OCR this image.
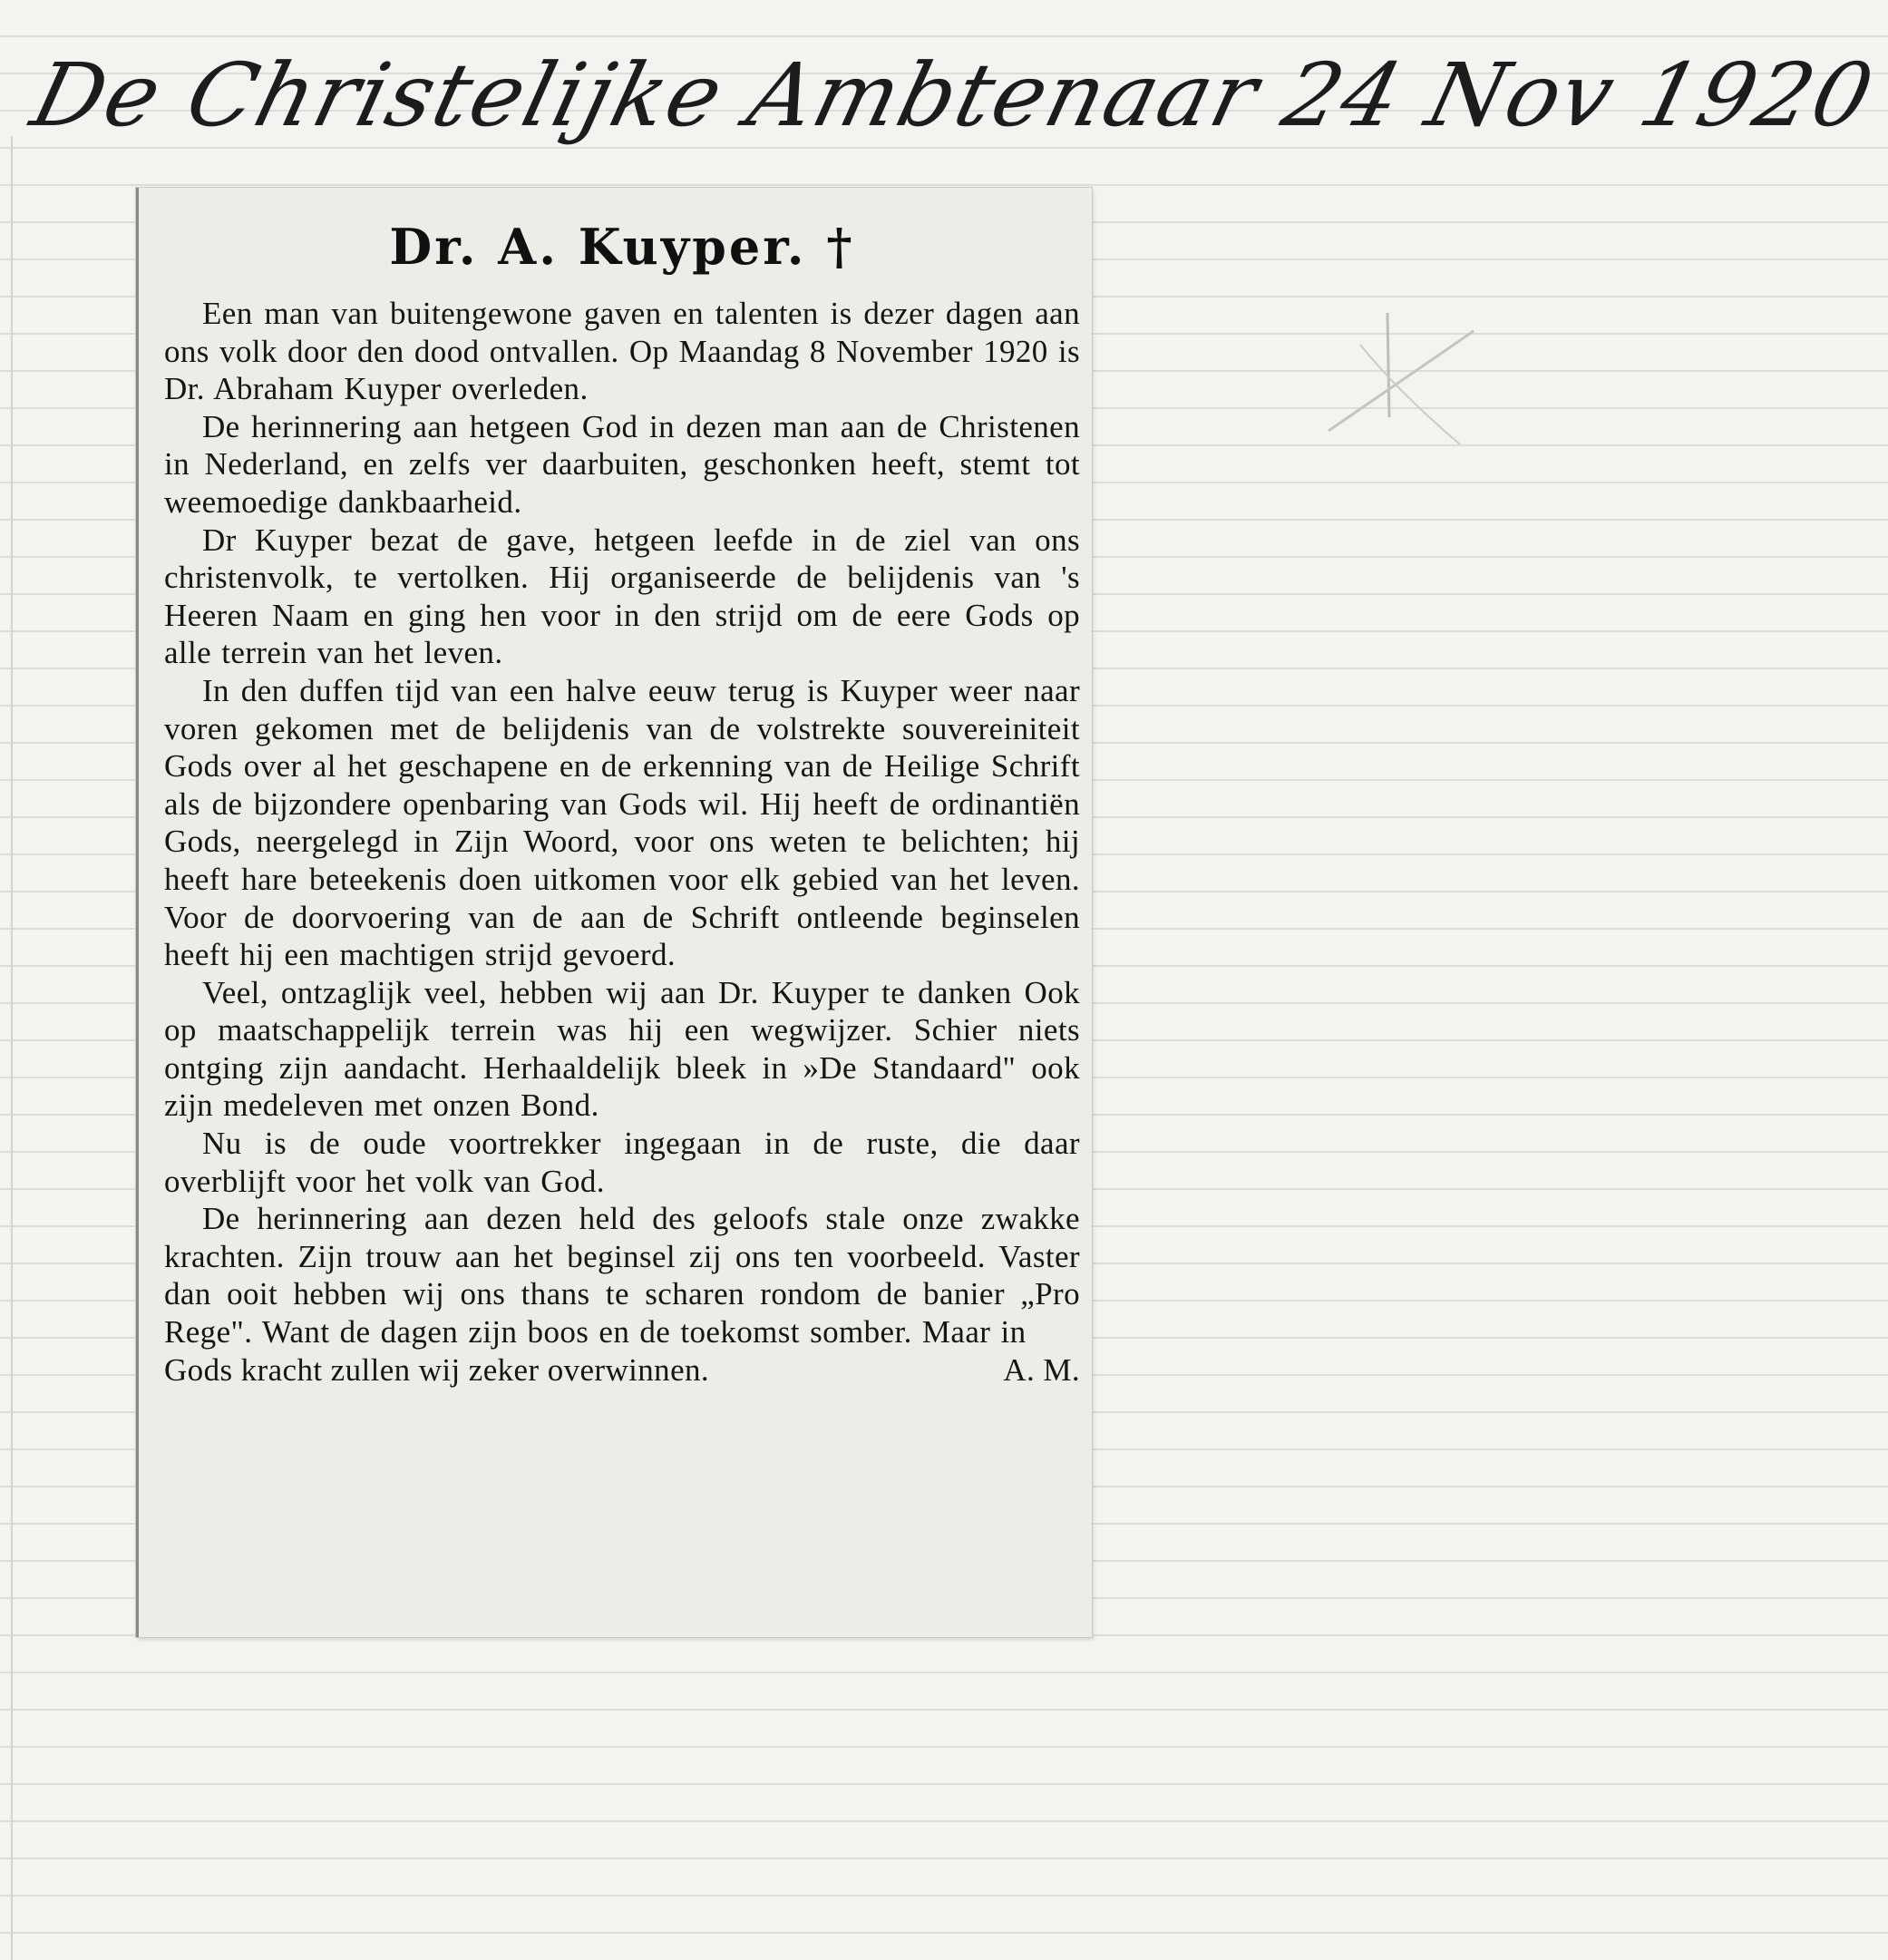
De Christelijke Ambtenaar 24 Nov 1920
Dr. A. Kuyper. †

Een man van buitengewone gaven en talenten is dezer dagen aan ons volk door den dood ontvallen. Op Maandag 8 November 1920 is Dr. Abraham Kuyper overleden.

De herinnering aan hetgeen God in dezen man aan de Christenen in Nederland, en zelfs ver daarbuiten, geschonken heeft, stemt tot weemoedige dankbaarheid.

Dr Kuyper bezat de gave, hetgeen leefde in de ziel van ons christenvolk, te vertolken. Hij organiseerde de belijdenis van 's Heeren Naam en ging hen voor in den strijd om de eere Gods op alle terrein van het leven.

In den duffen tijd van een halve eeuw terug is Kuyper weer naar voren gekomen met de belijdenis van de volstrekte souvereiniteit Gods over al het geschapene en de erkenning van de Heilige Schrift als de bijzondere openbaring van Gods wil. Hij heeft de ordinantiën Gods, neergelegd in Zijn Woord, voor ons weten te belichten; hij heeft hare beteekenis doen uitkomen voor elk gebied van het leven. Voor de doorvoering van de aan de Schrift ontleende beginselen heeft hij een machtigen strijd gevoerd.

Veel, ontzaglijk veel, hebben wij aan Dr. Kuyper te danken Ook op maatschappelijk terrein was hij een wegwijzer. Schier niets ontging zijn aandacht. Herhaaldelijk bleek in »De Standaard" ook zijn medeleven met onzen Bond.

Nu is de oude voortrekker ingegaan in de ruste, die daar overblijft voor het volk van God.

De herinnering aan dezen held des geloofs stale onze zwakke krachten. Zijn trouw aan het beginsel zij ons ten voorbeeld. Vaster dan ooit hebben wij ons thans te scharen rondom de banier „Pro Rege". Want de dagen zijn boos en de toekomst somber. Maar in

Gods kracht zullen wij zeker overwinnen.	A. M.
